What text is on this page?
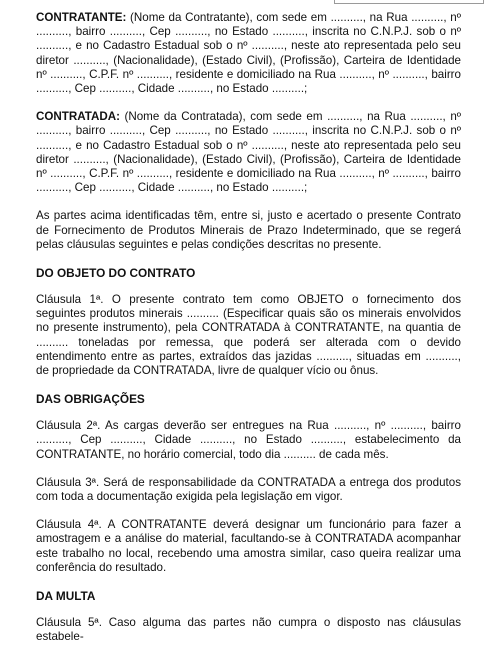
CONTRATANTE: (Nome da Contratante), com sede em .........., na Rua .........., nº .........., bairro .........., Cep .........., no Estado .........., inscrita no C.N.P.J. sob o nº .........., e no Cadastro Estadual sob o nº .........., neste ato representada pelo seu diretor .........., (Nacionalidade), (Estado Civil), (Profissão), Carteira de Identidade nº .........., C.P.F. nº .........., residente e domiciliado na Rua .........., nº .........., bairro .........., Cep .........., Cidade .........., no Estado ..........;

CONTRATADA: (Nome da Contratada), com sede em .........., na Rua .........., nº .........., bairro .........., Cep .........., no Estado .........., inscrita no C.N.P.J. sob o nº .........., e no Cadastro Estadual sob o nº .........., neste ato representada pelo seu diretor .........., (Nacionalidade), (Estado Civil), (Profissão), Carteira de Identidade nº .........., C.P.F. nº .........., residente e domiciliado na Rua .........., nº .........., bairro .........., Cep .........., Cidade .........., no Estado ..........;

As partes acima identificadas têm, entre si, justo e acertado o presente Contrato de Fornecimento de Produtos Minerais de Prazo Indeterminado, que se regerá pelas cláusulas seguintes e pelas condições descritas no presente.

DO OBJETO DO CONTRATO

Cláusula 1ª. O presente contrato tem como OBJETO o fornecimento dos seguintes produtos minerais .......... (Especificar quais são os minerais envolvidos no presente instrumento), pela CONTRATADA à CONTRATANTE, na quantia de .......... toneladas por remessa, que poderá ser alterada com o devido entendimento entre as partes, extraídos das jazidas .........., situadas em .........., de propriedade da CONTRATADA, livre de qualquer vício ou ônus.

DAS OBRIGAÇÕES

Cláusula 2ª. As cargas deverão ser entregues na Rua .........., nº .........., bairro .........., Cep .........., Cidade .........., no Estado .........., estabelecimento da CONTRATANTE, no horário comercial, todo dia .......... de cada mês.

Cláusula 3ª. Será de responsabilidade da CONTRATADA a entrega dos produtos com toda a documentação exigida pela legislação em vigor.

Cláusula 4ª. A CONTRATANTE deverá designar um funcionário para fazer a amostragem e a análise do material, facultando-se à CONTRATADA acompanhar este trabalho no local, recebendo uma amostra similar, caso queira realizar uma conferência do resultado.

DA MULTA

Cláusula 5ª. Caso alguma das partes não cumpra o disposto nas cláusulas estabele-
